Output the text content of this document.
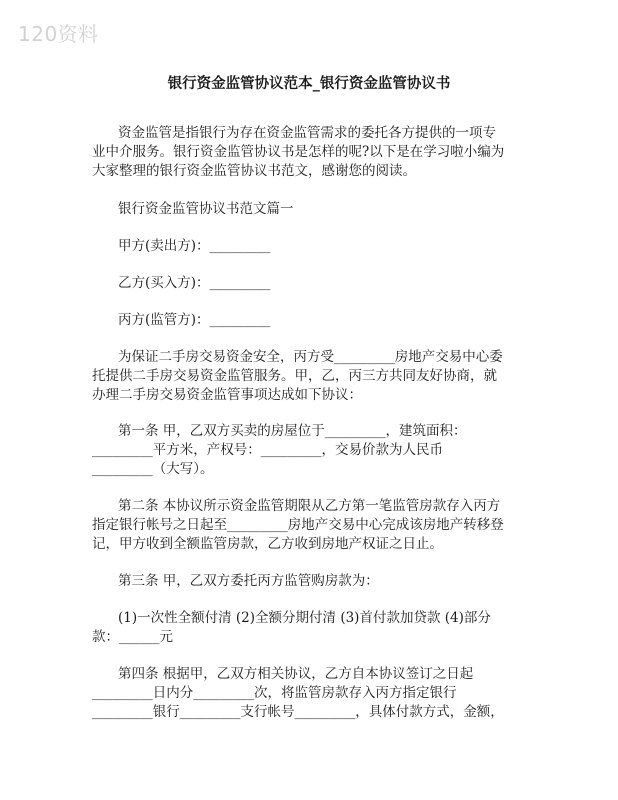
120资料
银行资金监管协议范本_银行资金监管协议书
资金监管是指银行为存在资金监管需求的委托各方提供的一项专
业中介服务。银行资金监管协议书是怎样的呢?以下是在学习啦小编为
大家整理的银行资金监管协议书范文，感谢您的阅读。
银行资金监管协议书范文篇一
甲方(卖出方)：_________
乙方(买入方)：_________
丙方(监管方)：_________
为保证二手房交易资金安全，丙方受_________房地产交易中心委
托提供二手房交易资金监管服务。甲，乙，丙三方共同友好协商，就
办理二手房交易资金监管事项达成如下协议：
第一条 甲，乙双方买卖的房屋位于_________，建筑面积：
_________平方米，产权号：_________，交易价款为人民币
_________（大写）。
第二条 本协议所示资金监管期限从乙方第一笔监管房款存入丙方
指定银行帐号之日起至_________房地产交易中心完成该房地产转移登
记，甲方收到全额监管房款，乙方收到房地产权证之日止。
第三条 甲，乙双方委托丙方监管购房款为：
(1)一次性全额付清 (2)全额分期付清 (3)首付款加贷款 (4)部分
款：______元
第四条 根据甲，乙双方相关协议，乙方自本协议签订之日起
_________日内分_________次，将监管房款存入丙方指定银行
_________银行_________支行帐号_________，具体付款方式，金额，
